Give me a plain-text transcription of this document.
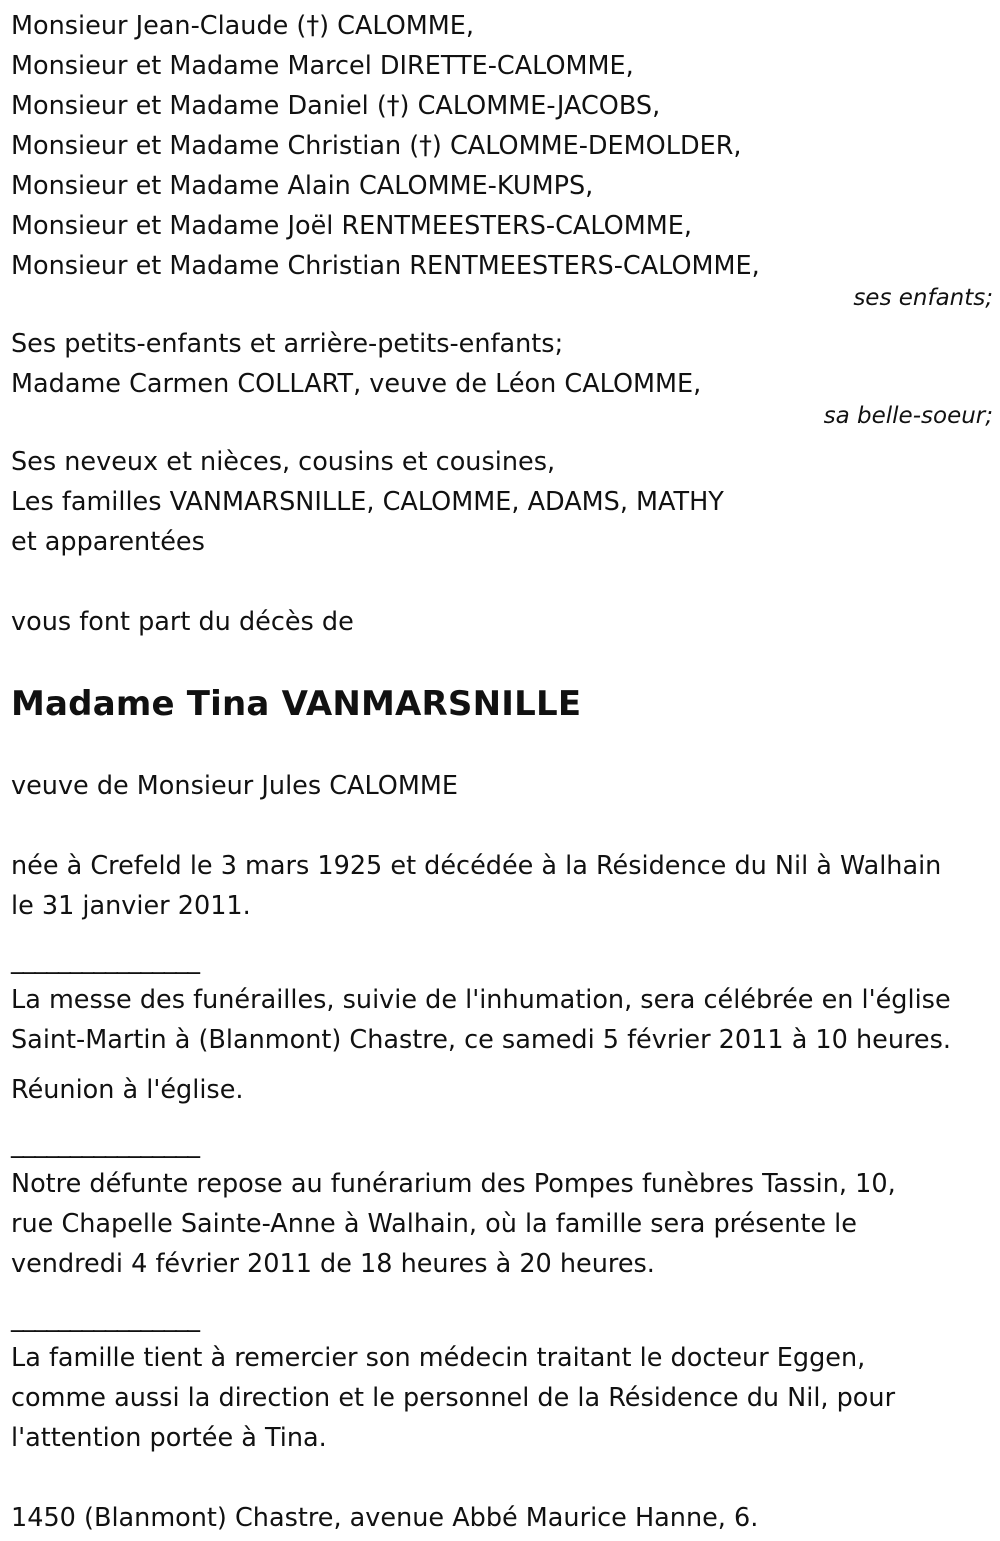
Monsieur Jean-Claude (†) CALOMME,
Monsieur et Madame Marcel DIRETTE-CALOMME,
Monsieur et Madame Daniel (†) CALOMME-JACOBS,
Monsieur et Madame Christian (†) CALOMME-DEMOLDER,
Monsieur et Madame Alain CALOMME-KUMPS,
Monsieur et Madame Joël RENTMEESTERS-CALOMME,
Monsieur et Madame Christian RENTMEESTERS-CALOMME,
ses enfants;
Ses petits-enfants et arrière-petits-enfants;
Madame Carmen COLLART, veuve de Léon CALOMME,
sa belle-soeur;
Ses neveux et nièces, cousins et cousines,
Les familles VANMARSNILLE, CALOMME, ADAMS, MATHY
et apparentées
vous font part du décès de
Madame Tina VANMARSNILLE
veuve de Monsieur Jules CALOMME
née à Crefeld le 3 mars 1925 et décédée à la Résidence du Nil à Walhain
le 31 janvier 2011.
________________
La messe des funérailles, suivie de l'inhumation, sera célébrée en l'église
Saint-Martin à (Blanmont) Chastre, ce samedi 5 février 2011 à 10 heures.
Réunion à l'église.
________________
Notre défunte repose au funérarium des Pompes funèbres Tassin, 10,
rue Chapelle Sainte-Anne à Walhain, où la famille sera présente le
vendredi 4 février 2011 de 18 heures à 20 heures.
________________
La famille tient à remercier son médecin traitant le docteur Eggen,
comme aussi la direction et le personnel de la Résidence du Nil, pour
l'attention portée à Tina.
1450 (Blanmont) Chastre, avenue Abbé Maurice Hanne, 6.
